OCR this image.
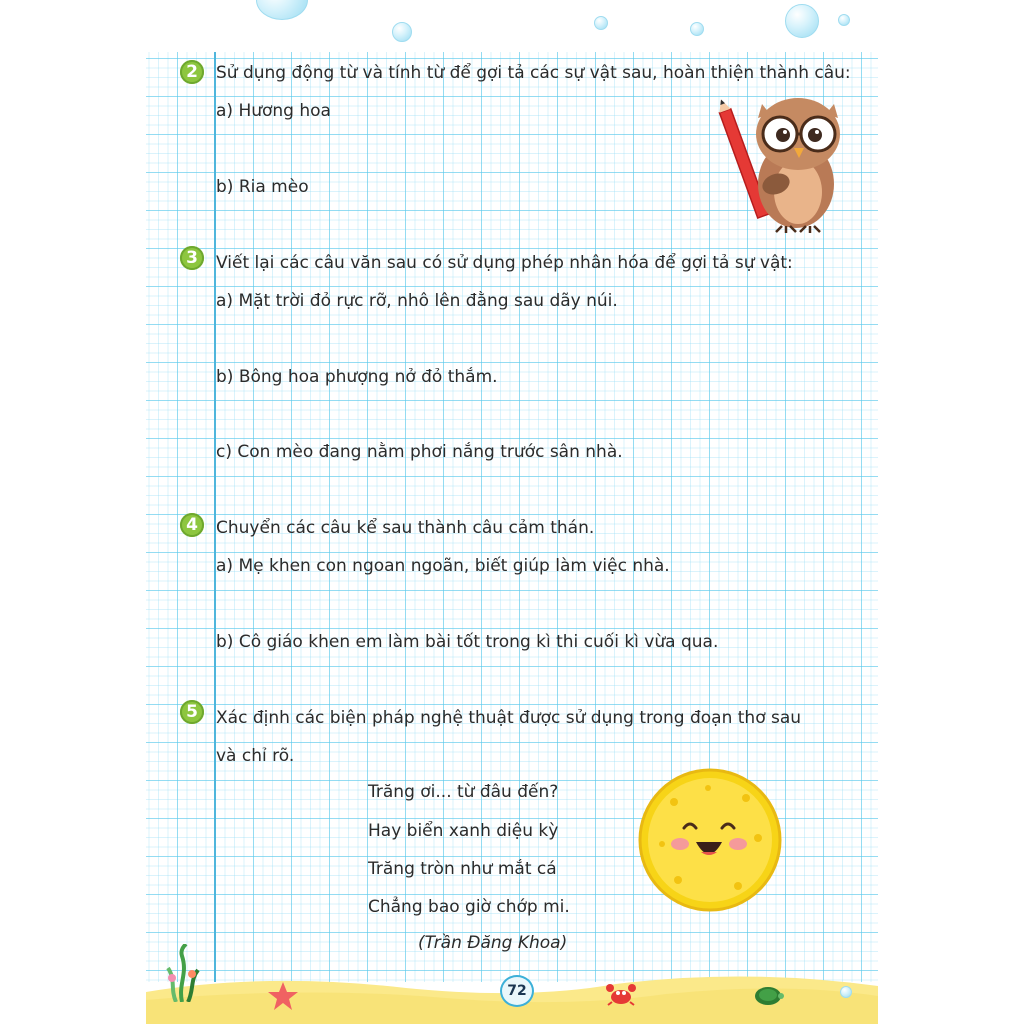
2	Sử dụng động từ và tính từ để gợi tả các sự vật sau, hoàn thiện thành câu:
a) Hương hoa
b) Ria mèo
3	Viết lại các câu văn sau có sử dụng phép nhân hóa để gợi tả sự vật:
a) Mặt trời đỏ rực rỡ, nhô lên đằng sau dãy núi.
b) Bông hoa phượng nở đỏ thắm.
c) Con mèo đang nằm phơi nắng trước sân nhà.
4	Chuyển các câu kể sau thành câu cảm thán.
a) Mẹ khen con ngoan ngoãn, biết giúp làm việc nhà.
b) Cô giáo khen em làm bài tốt trong kì thi cuối kì vừa qua.
5	Xác định các biện pháp nghệ thuật được sử dụng trong đoạn thơ sau
và chỉ rõ.
Trăng ơi... từ đâu đến?
Hay biển xanh diệu kỳ
Trăng tròn như mắt cá
Chẳng bao giờ chớp mi.
(Trần Đăng Khoa)
72
